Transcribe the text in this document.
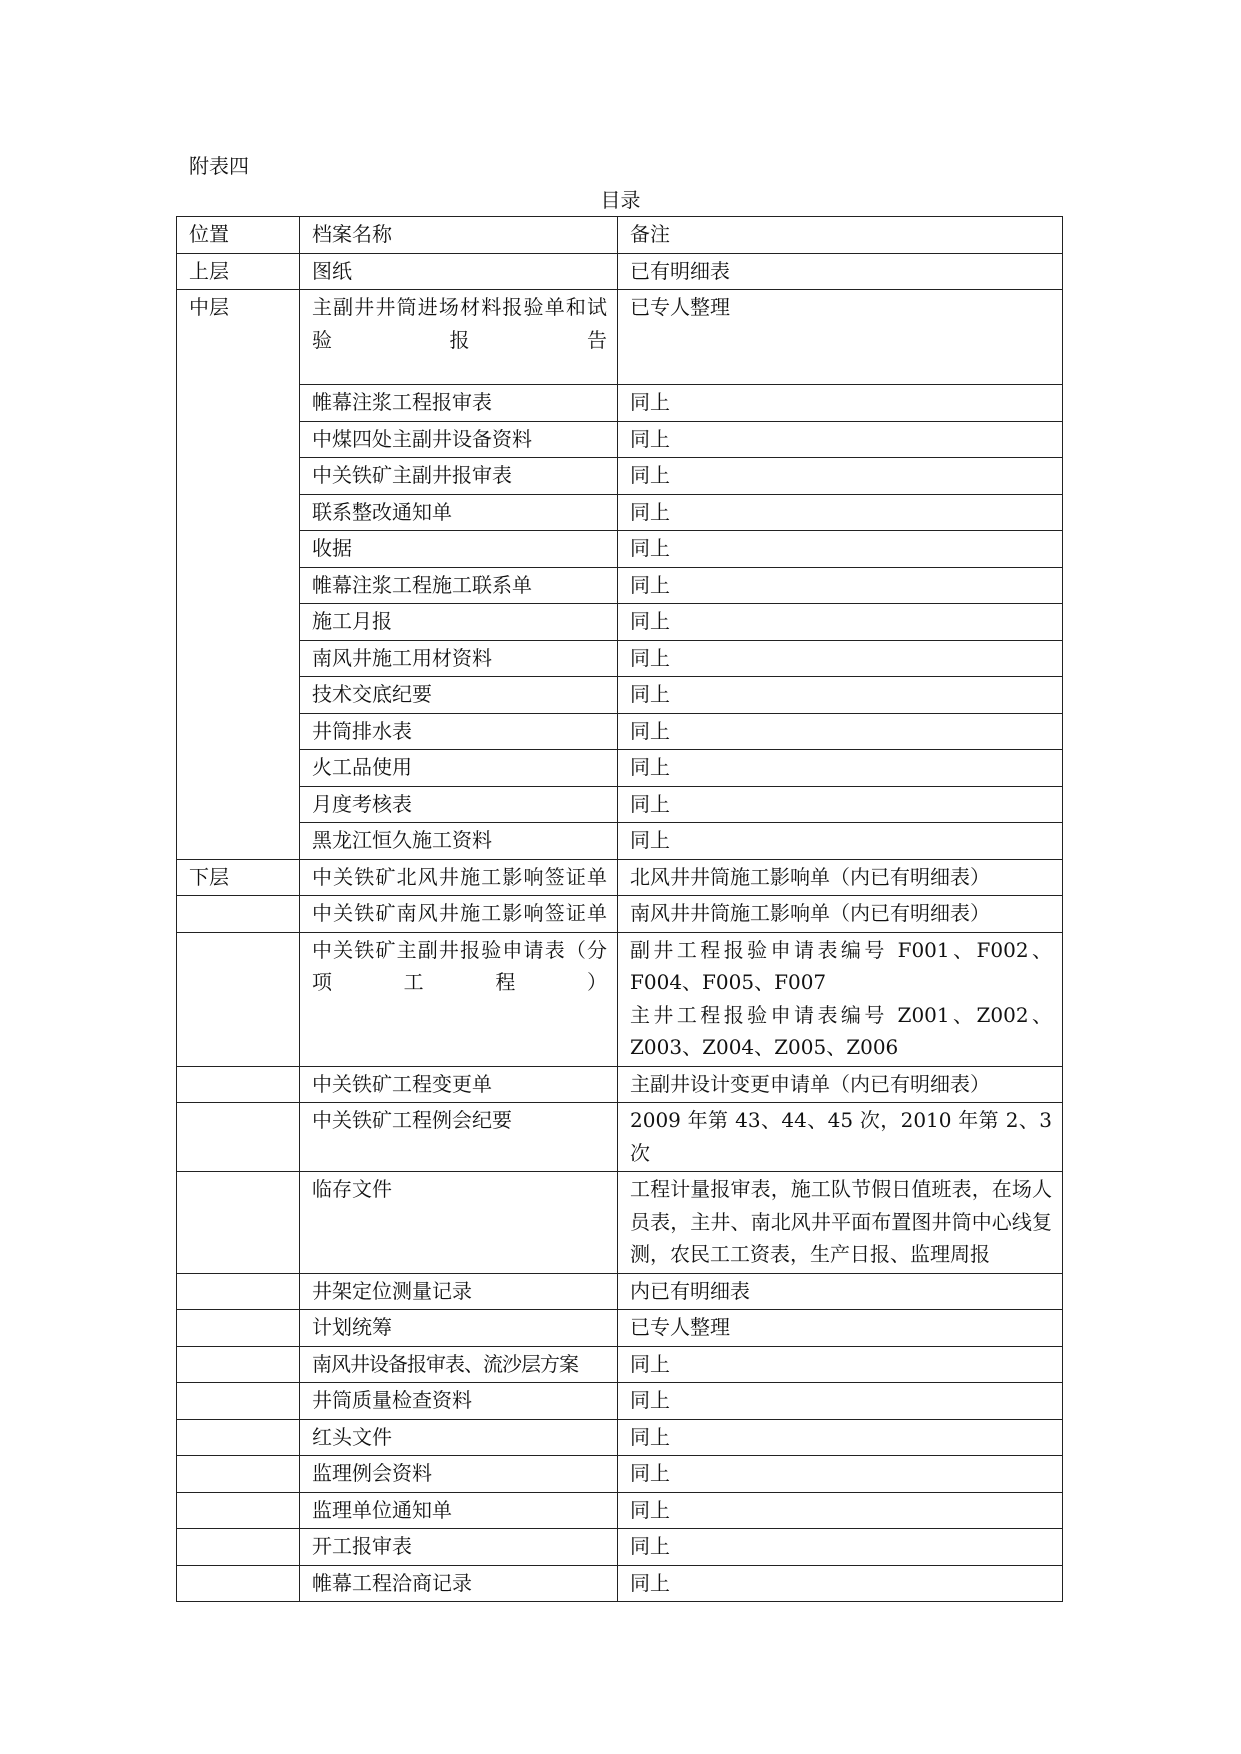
附表四
目录
位置	档案名称	备注
上层	图纸	已有明细表
中层	主副井井筒进场材料报验单和试验报告	已专人整理
	帷幕注浆工程报审表	同上
	中煤四处主副井设备资料	同上
	中关铁矿主副井报审表	同上
	联系整改通知单	同上
	收据	同上
	帷幕注浆工程施工联系单	同上
	施工月报	同上
	南风井施工用材资料	同上
	技术交底纪要	同上
	井筒排水表	同上
	火工品使用	同上
	月度考核表	同上
	黑龙江恒久施工资料	同上
下层	中关铁矿北风井施工影响签证单	北风井井筒施工影响单（内已有明细表）
	中关铁矿南风井施工影响签证单	南风井井筒施工影响单（内已有明细表）
	中关铁矿主副井报验申请表（分项工程）	副井工程报验申请表编号 F001、F002、
F004、F005、F007
主井工程报验申请表编号 Z001、Z002、
Z003、Z004、Z005、Z006

	中关铁矿工程变更单	主副井设计变更申请单（内已有明细表）
	中关铁矿工程例会纪要	2009 年第 43、44、45 次，2010 年第 2、3 次
	临存文件	工程计量报审表，施工队节假日值班表，在场人员表，主井、南北风井平面布置图井筒中心线复测，农民工工资表，生产日报、监理周报
	井架定位测量记录	内已有明细表
	计划统筹	已专人整理
	南风井设备报审表、流沙层方案	同上
	井筒质量检查资料	同上
	红头文件	同上
	监理例会资料	同上
	监理单位通知单	同上
	开工报审表	同上
	帷幕工程洽商记录	同上
